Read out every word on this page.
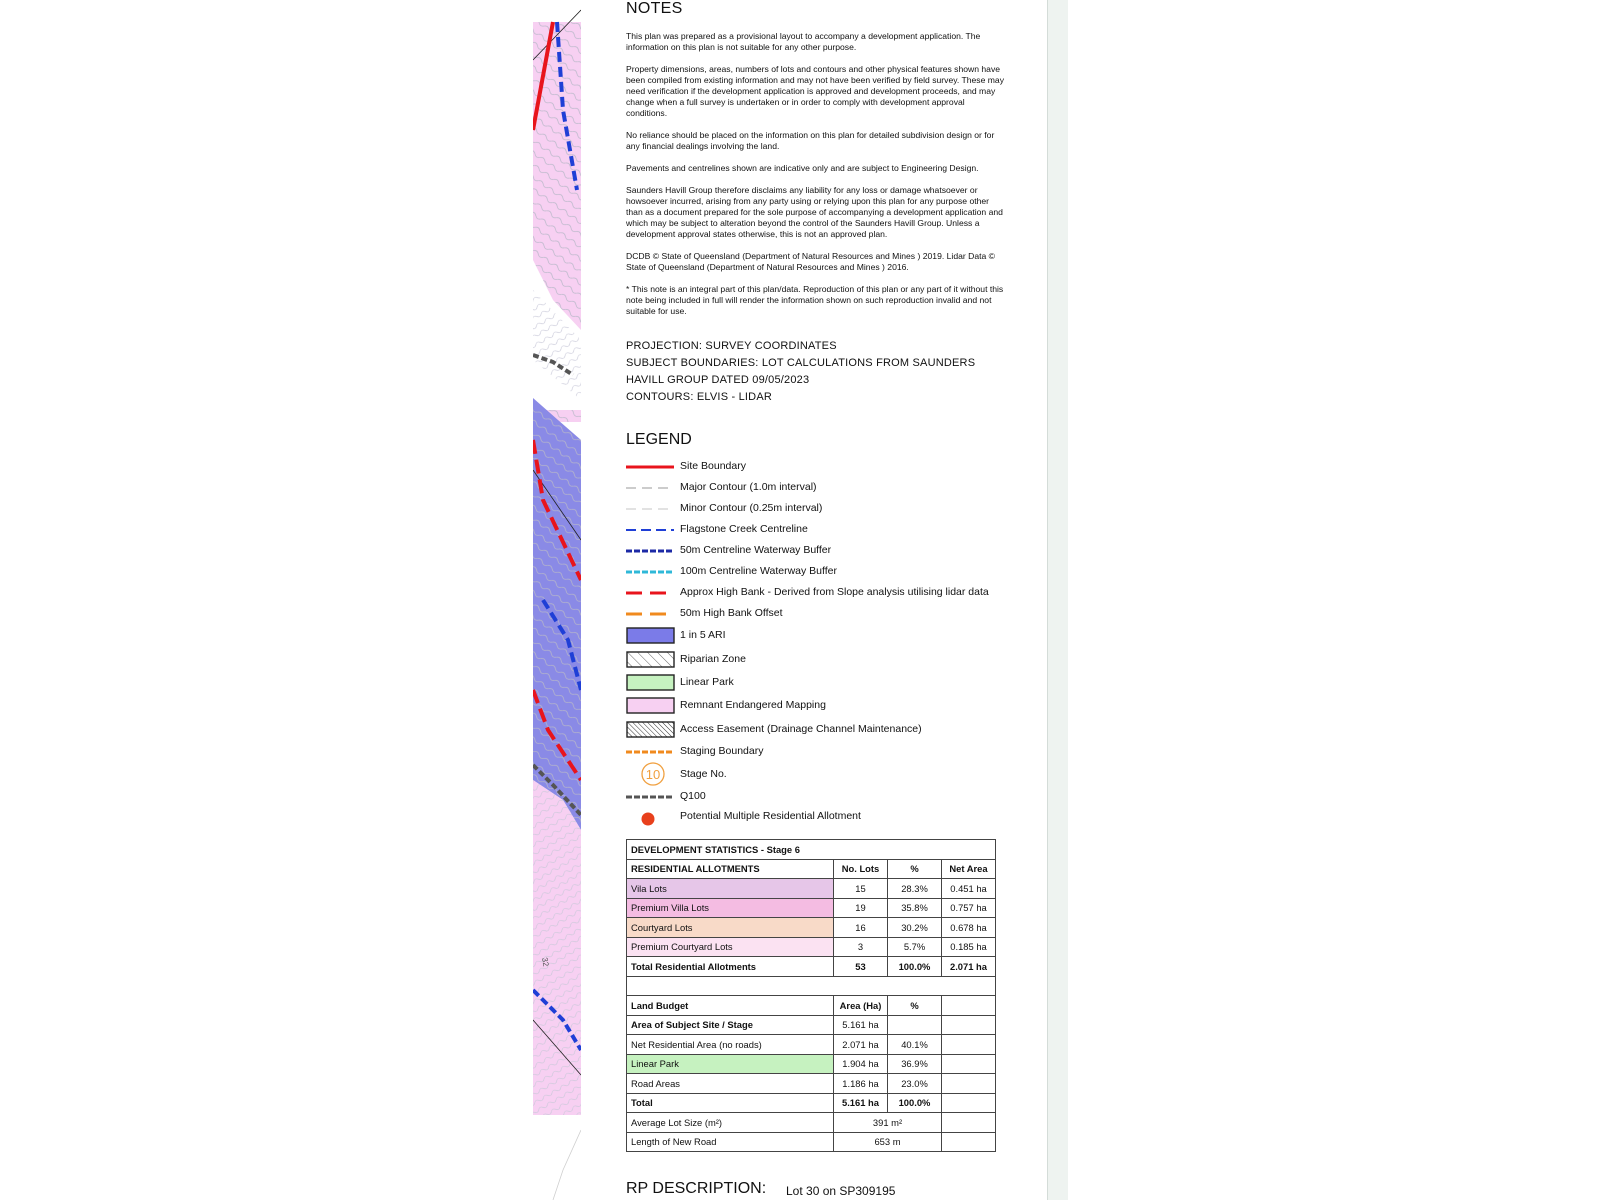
32
NOTES

This plan was prepared as a provisional layout to accompany a development application. The information on this plan is not suitable for any other purpose.

Property dimensions, areas, numbers of lots and contours and other physical features shown have been compiled from existing information and may not have been verified by field survey. These may need verification if the development application is approved and development proceeds, and may change when a full survey is undertaken or in order to comply with development approval conditions.

No reliance should be placed on the information on this plan for detailed subdivision design or for any financial dealings involving the land.

Pavements and centrelines shown are indicative only and are subject to Engineering Design.

Saunders Havill Group therefore disclaims any liability for any loss or damage whatsoever or howsoever incurred, arising from any party using or relying upon this plan for any purpose other than as a document prepared for the sole purpose of accompanying a development application and which may be subject to alteration beyond the control of the Saunders Havill Group. Unless a development approval states otherwise, this is not an approved plan.

DCDB © State of Queensland (Department of Natural Resources and Mines ) 2019. Lidar Data © State of Queensland (Department of Natural Resources and Mines ) 2016.

* This note is an integral part of this plan/data. Reproduction of this plan or any part of it without this note being included in full will render the information shown on such reproduction invalid and not suitable for use.

PROJECTION: SURVEY COORDINATES
SUBJECT BOUNDARIES: LOT CALCULATIONS FROM SAUNDERS
HAVILL GROUP DATED 09/05/2023
CONTOURS: ELVIS - LIDAR
LEGEND
Site Boundary
Major Contour (1.0m interval)
Minor Contour (0.25m interval)
Flagstone Creek Centreline
50m Centreline Waterway Buffer
100m Centreline Waterway Buffer
Approx High Bank - Derived from Slope analysis utilising lidar data
50m High Bank Offset
1 in 5 ARI
Riparian Zone
Linear Park
Remnant Endangered Mapping
Access Easement (Drainage Channel Maintenance)
Staging Boundary
10 Stage No.
Q100
Potential Multiple Residential Allotment
DEVELOPMENT STATISTICS - Stage 6			
RESIDENTIAL ALLOTMENTS	No. Lots	%	Net Area
Vila Lots	15	28.3%	0.451 ha
Premium Villa Lots	19	35.8%	0.757 ha
Courtyard Lots	16	30.2%	0.678 ha
Premium Courtyard Lots	3	5.7%	0.185 ha
Total Residential Allotments	53	100.0%	2.071 ha

Land Budget	Area (Ha)	%	
Area of Subject Site / Stage	5.161 ha		
Net Residential Area (no roads)	2.071 ha	40.1%	
Linear Park	1.904 ha	36.9%	
Road Areas	1.186 ha	23.0%	
Total	5.161 ha	100.0%	
Average Lot Size (m²)	391 m²		
Length of New Road	653 m		
RP DESCRIPTION: Lot 30 on SP309195
